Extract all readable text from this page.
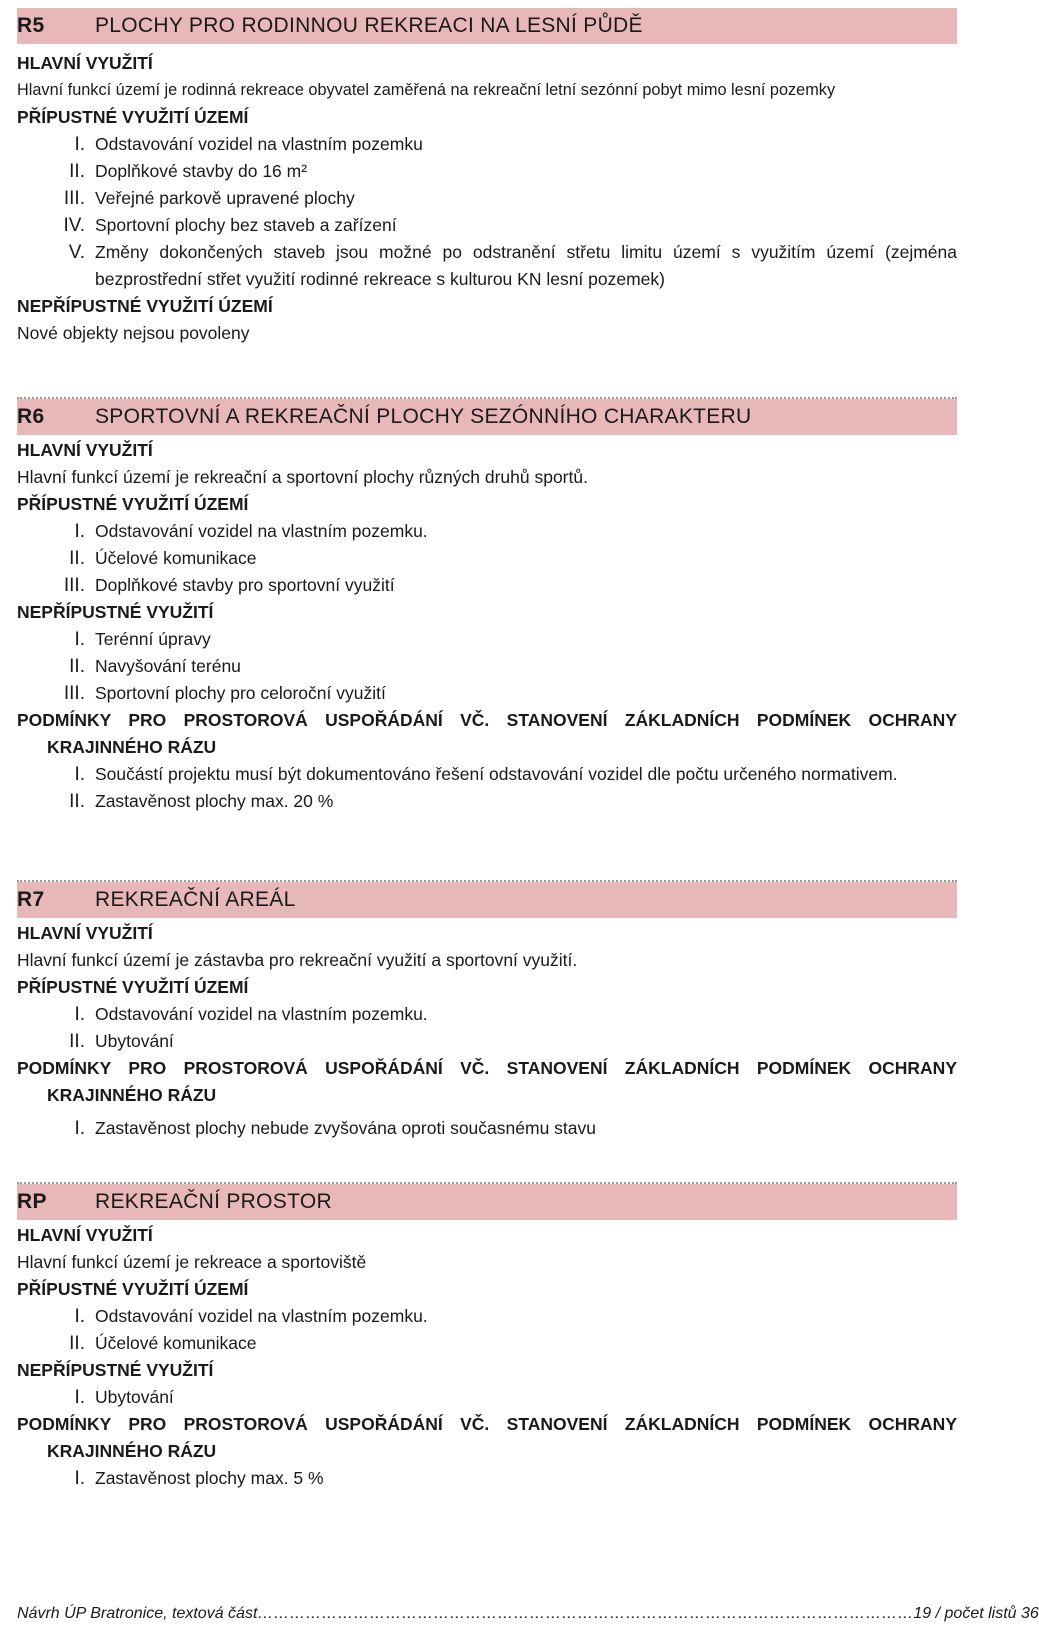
R5	PLOCHY PRO RODINNOU REKREACI NA LESNÍ PŮDĚ
HLAVNÍ VYUŽITÍ
Hlavní funkcí území je rodinná rekreace obyvatel zaměřená na rekreační letní sezónní pobyt mimo lesní pozemky
PŘÍPUSTNÉ VYUŽITÍ ÚZEMÍ
I. Odstavování vozidel na vlastním pozemku
II. Doplňkové stavby do 16 m²
III. Veřejné parkově upravené plochy
IV. Sportovní plochy bez staveb a zařízení
V. Změny dokončených staveb jsou možné po odstranění střetu limitu území s využitím území (zejména bezprostřední střet využití rodinné rekreace s kulturou KN lesní pozemek)
NEPŘÍPUSTNÉ VYUŽITÍ ÚZEMÍ
Nové objekty nejsou povoleny
R6	SPORTOVNÍ A REKREAČNÍ PLOCHY SEZÓNNÍHO CHARAKTERU
HLAVNÍ VYUŽITÍ
Hlavní funkcí území je rekreační a sportovní plochy různých druhů sportů.
PŘÍPUSTNÉ VYUŽITÍ ÚZEMÍ
I. Odstavování vozidel na vlastním pozemku.
II. Účelové komunikace
III. Doplňkové stavby pro sportovní využití
NEPŘÍPUSTNÉ VYUŽITÍ
I. Terénní úpravy
II. Navyšování terénu
III. Sportovní plochy pro celoroční využití
PODMÍNKY PRO PROSTOROVÁ USPOŘÁDÁNÍ VČ. STANOVENÍ ZÁKLADNÍCH PODMÍNEK OCHRANY
KRAJINNÉHO RÁZU
I. Součástí projektu musí být dokumentováno řešení odstavování vozidel dle počtu určeného normativem.
II. Zastavěnost plochy max. 20 %
R7	REKREAČNÍ AREÁL
HLAVNÍ VYUŽITÍ
Hlavní funkcí území je zástavba pro rekreační využití a sportovní využití.
PŘÍPUSTNÉ VYUŽITÍ ÚZEMÍ
I. Odstavování vozidel na vlastním pozemku.
II. Ubytování
PODMÍNKY PRO PROSTOROVÁ USPOŘÁDÁNÍ VČ. STANOVENÍ ZÁKLADNÍCH PODMÍNEK OCHRANY
KRAJINNÉHO RÁZU
I. Zastavěnost plochy nebude zvyšována oproti současnému stavu
RP	REKREAČNÍ PROSTOR
HLAVNÍ VYUŽITÍ
Hlavní funkcí území je rekreace a sportoviště
PŘÍPUSTNÉ VYUŽITÍ ÚZEMÍ
I. Odstavování vozidel na vlastním pozemku.
II. Účelové komunikace
NEPŘÍPUSTNÉ VYUŽITÍ
I. Ubytování
PODMÍNKY PRO PROSTOROVÁ USPOŘÁDÁNÍ VČ. STANOVENÍ ZÁKLADNÍCH PODMÍNEK OCHRANY
KRAJINNÉHO RÁZU
I. Zastavěnost plochy max. 5 %
Návrh ÚP Bratronice, textová část …………………………………………………………………………………………………………… 19 / počet listů 36
